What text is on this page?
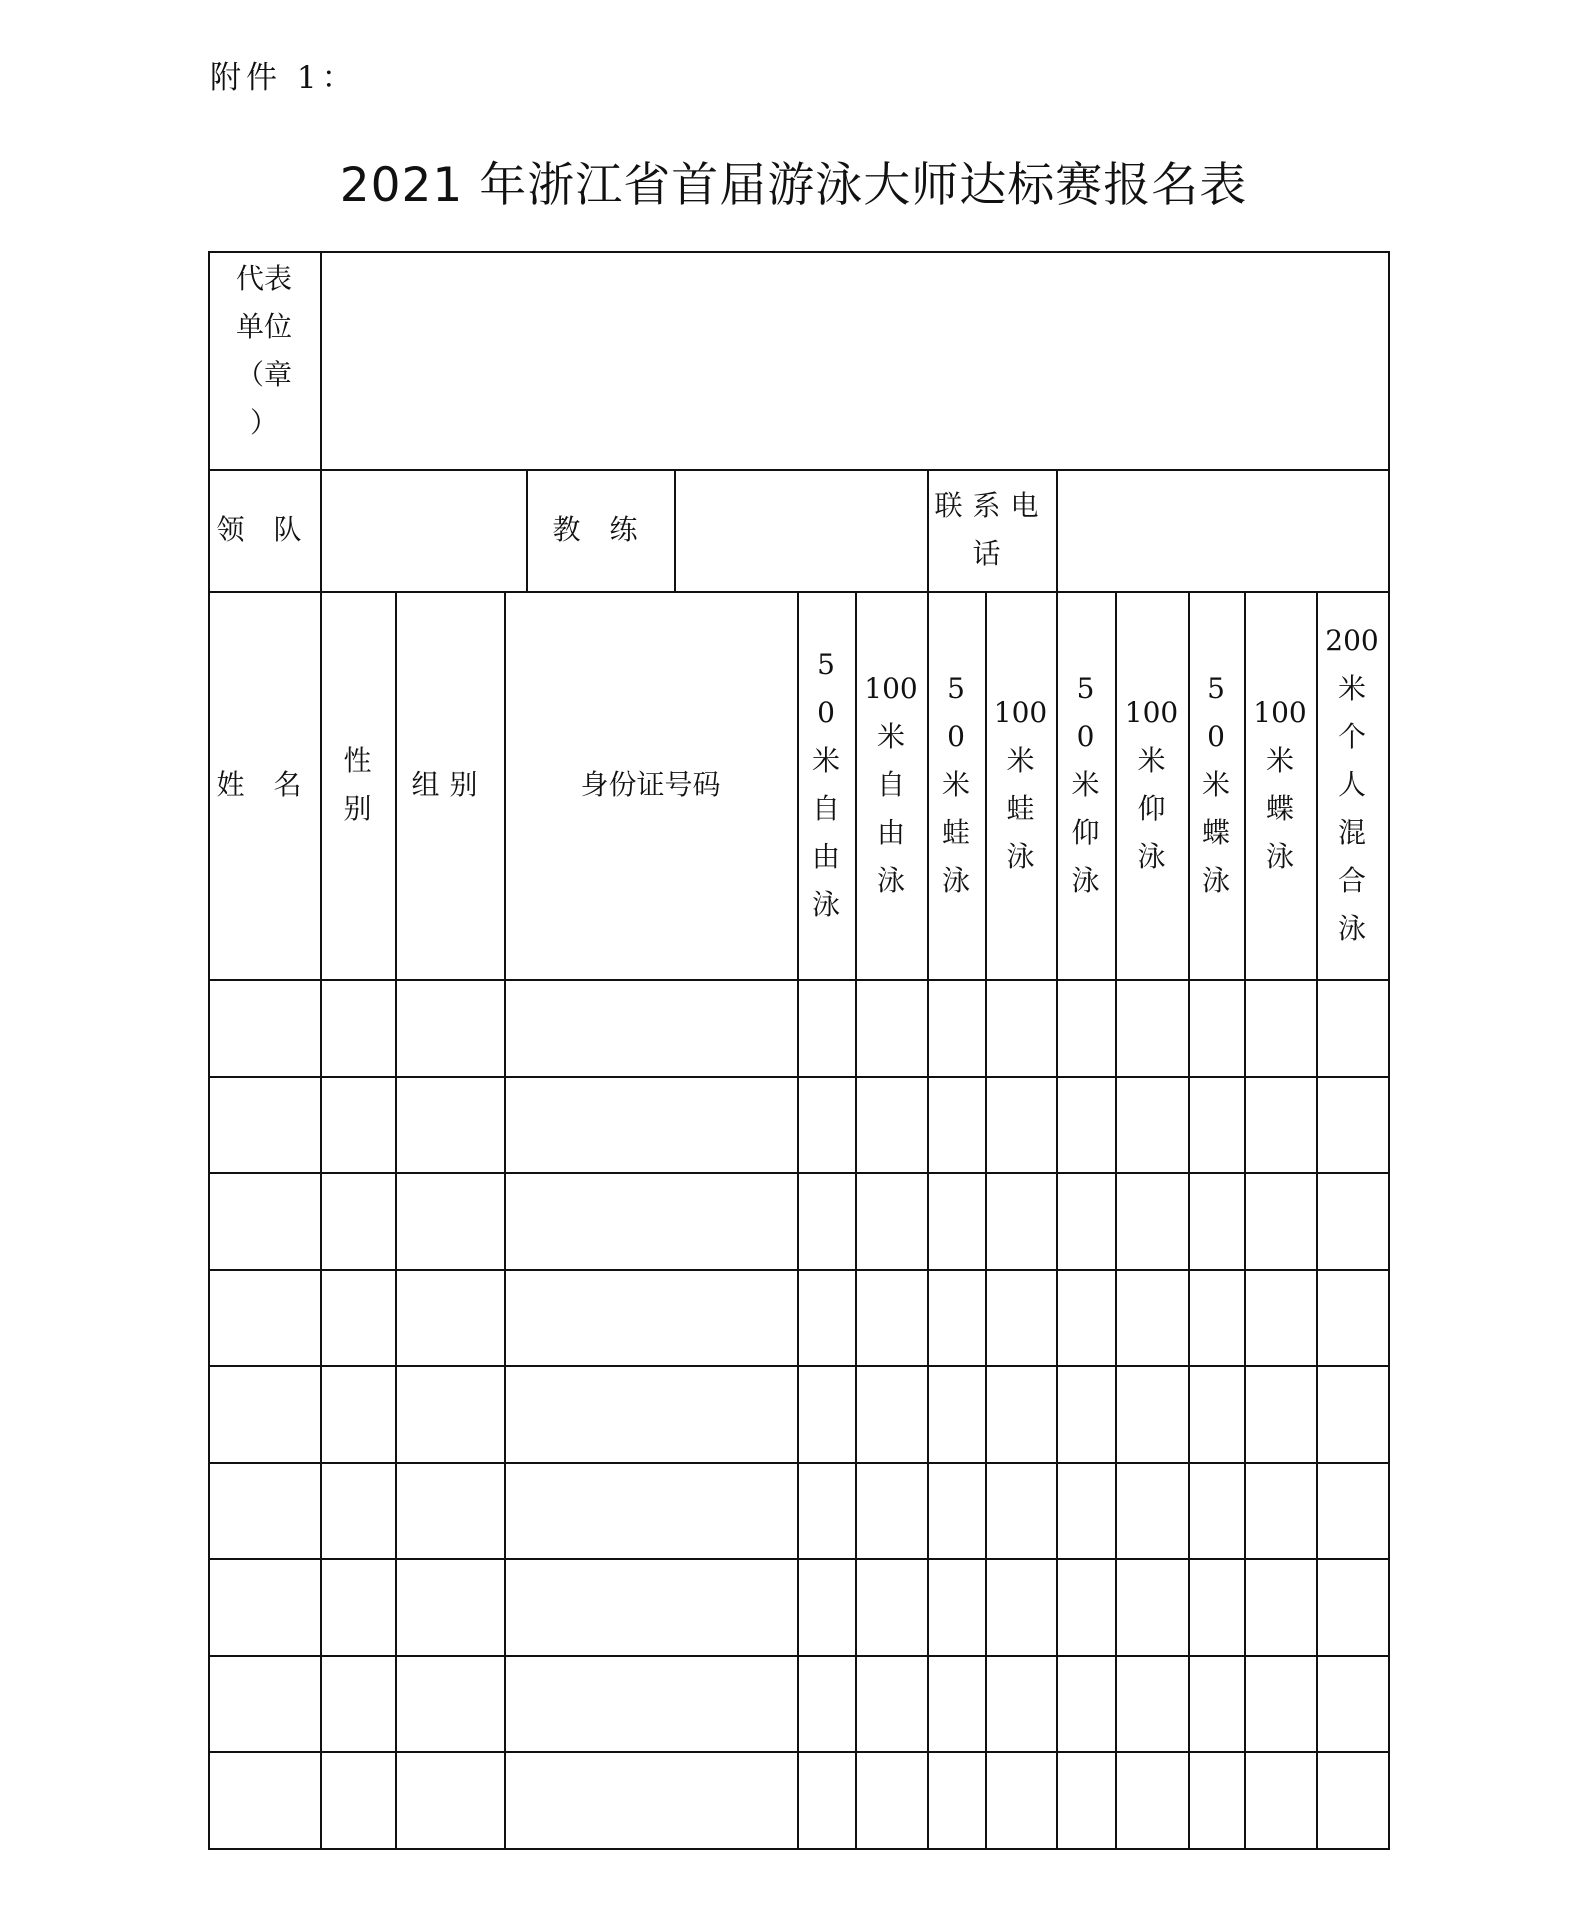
附件 1：
2021 年浙江省首届游泳大师达标赛报名表
代表
单位
（章
）
领 队	教 练
联系电
话
姓 名
性
别
组别	身份证号码
5
0
米
自
由
泳
100
米
自
由
泳
5
0
米
蛙
泳
100
米
蛙
泳
5
0
米
仰
泳
100
米
仰
泳
5
0
米
蝶
泳
100
米
蝶
泳
200
米
个
人
混
合
泳
